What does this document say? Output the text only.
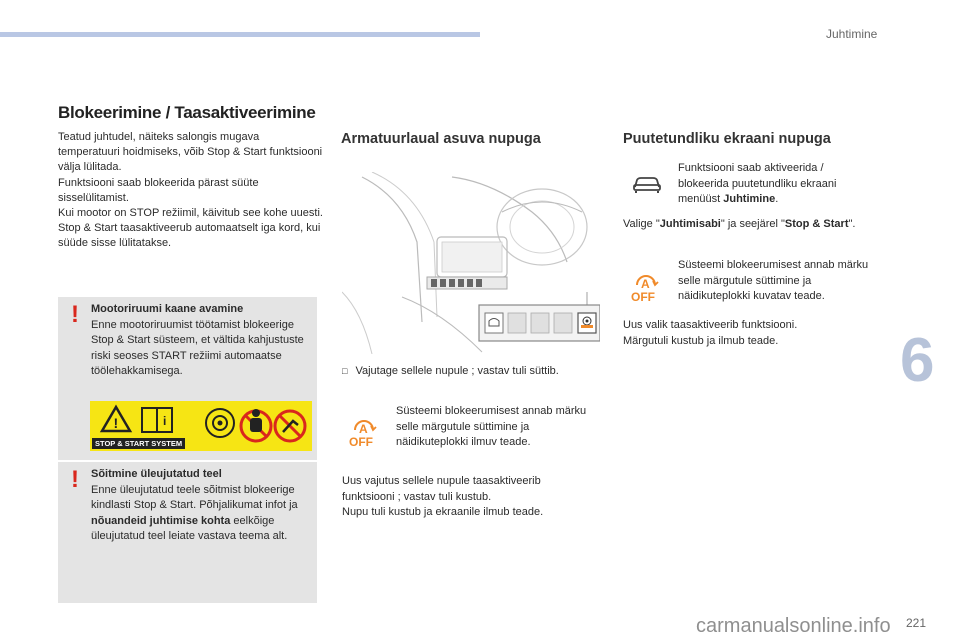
Juhtimine
6
221
carmanualsonline.info
Blokeerimine / Taasaktiveerimine

Teatud juhtudel, näiteks salongis mugava temperatuuri hoidmiseks, võib Stop & Start funktsiooni välja lülitada.

Funktsiooni saab blokeerida pärast süüte sisselülitamist.

Kui mootor on STOP režiimil, käivitub see kohe uuesti.

Stop & Start taasaktiveerub automaatselt iga kord, kui süüde sisse lülitatakse.

! Mootoriruumi kaane avamine
Enne mootoriruumist töötamist blokeerige Stop & Start süsteem, et vältida kahjustuste riski seoses START režiimi automaatse töölehakkamisega.
!	i
STOP & START SYSTEM
! Sõitmine üleujutatud teel
Enne üleujutatud teele sõitmist blokeerige kindlasti Stop & Start. Põhjalikumat infot ja nõuandeid juhtimise kohta eelkõige üleujutatud teel leiate vastava teema alt.
Armatuurlaual asuva nupuga
□ Vajutage sellele nupule ; vastav tuli süttib.
A
OFF
Süsteemi blokeerumisest annab märku selle märgutule süttimine ja näidikuteplokki ilmuv teade.

Uus vajutus sellele nupule taasaktiveerib funktsiooni ; vastav tuli kustub.

Nupu tuli kustub ja ekraanile ilmub teade.

Puutetundliku ekraani nupuga
Funktsiooni saab aktiveerida / blokeerida puutetundliku ekraani menüüst Juhtimine.
Valige "Juhtimisabi" ja seejärel "Stop & Start".
A
OFF
Süsteemi blokeerumisest annab märku selle märgutule süttimine ja näidikuteplokki kuvatav teade.

Uus valik taasaktiveerib funktsiooni.

Märgutuli kustub ja ilmub teade.
